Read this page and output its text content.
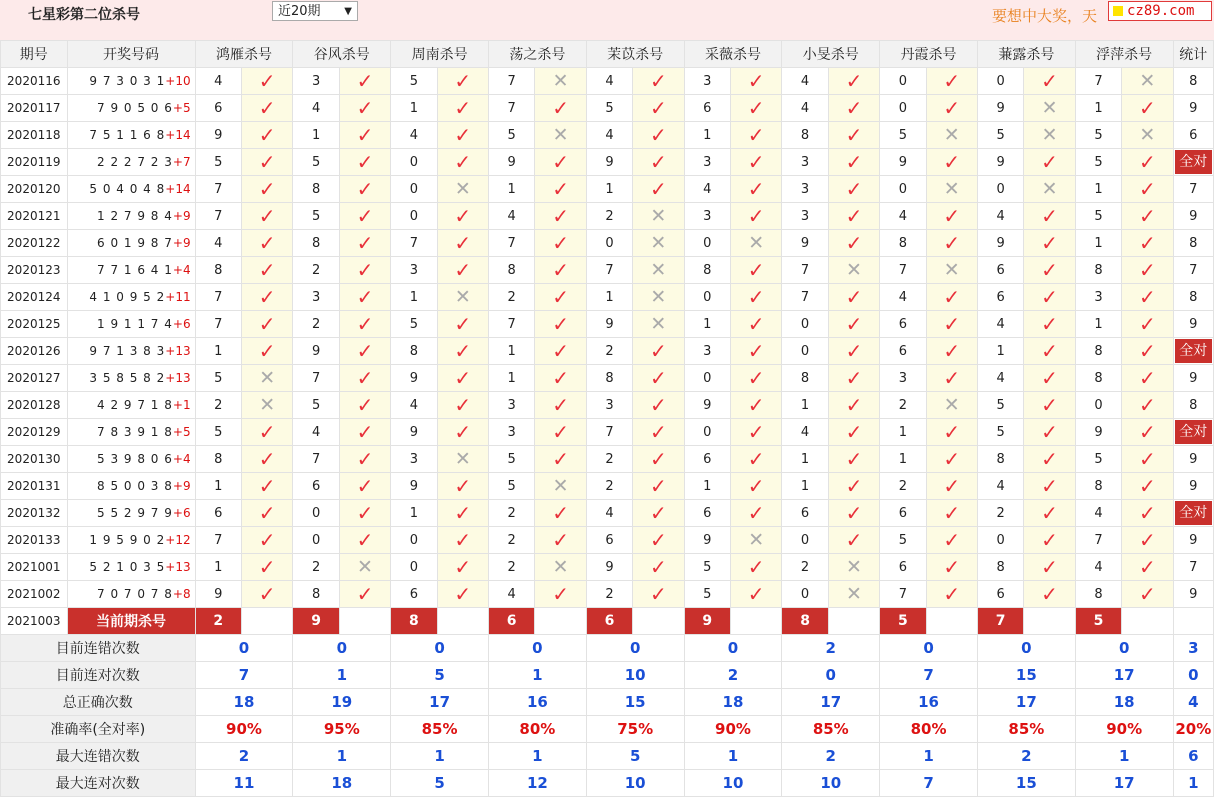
七星彩第二位杀号	近20期 ▼	要想中大奖，天	cz89.com
期号	开奖号码	鸿雁杀号		谷风杀号		周南杀号		荡之杀号		茉苡杀号		采薇杀号		小旻杀号		丹霞杀号		蒹露杀号		浮萍杀号		统计
2020116	9 7 3 0 3 1+10	4	✓	3	✓	5	✓	7	✕	4	✓	3	✓	4	✓	0	✓	0	✓	7	✕	8
2020117	7 9 0 5 0 6+5	6	✓	4	✓	1	✓	7	✓	5	✓	6	✓	4	✓	0	✓	9	✕	1	✓	9
2020118	7 5 1 1 6 8+14	9	✓	1	✓	4	✓	5	✕	4	✓	1	✓	8	✓	5	✕	5	✕	5	✕	6
2020119	2 2 2 7 2 3+7	5	✓	5	✓	0	✓	9	✓	9	✓	3	✓	3	✓	9	✓	9	✓	5	✓	全对
2020120	5 0 4 0 4 8+14	7	✓	8	✓	0	✕	1	✓	1	✓	4	✓	3	✓	0	✕	0	✕	1	✓	7
2020121	1 2 7 9 8 4+9	7	✓	5	✓	0	✓	4	✓	2	✕	3	✓	3	✓	4	✓	4	✓	5	✓	9
2020122	6 0 1 9 8 7+9	4	✓	8	✓	7	✓	7	✓	0	✕	0	✕	9	✓	8	✓	9	✓	1	✓	8
2020123	7 7 1 6 4 1+4	8	✓	2	✓	3	✓	8	✓	7	✕	8	✓	7	✕	7	✕	6	✓	8	✓	7
2020124	4 1 0 9 5 2+11	7	✓	3	✓	1	✕	2	✓	1	✕	0	✓	7	✓	4	✓	6	✓	3	✓	8
2020125	1 9 1 1 7 4+6	7	✓	2	✓	5	✓	7	✓	9	✕	1	✓	0	✓	6	✓	4	✓	1	✓	9
2020126	9 7 1 3 8 3+13	1	✓	9	✓	8	✓	1	✓	2	✓	3	✓	0	✓	6	✓	1	✓	8	✓	全对
2020127	3 5 8 5 8 2+13	5	✕	7	✓	9	✓	1	✓	8	✓	0	✓	8	✓	3	✓	4	✓	8	✓	9
2020128	4 2 9 7 1 8+1	2	✕	5	✓	4	✓	3	✓	3	✓	9	✓	1	✓	2	✕	5	✓	0	✓	8
2020129	7 8 3 9 1 8+5	5	✓	4	✓	9	✓	3	✓	7	✓	0	✓	4	✓	1	✓	5	✓	9	✓	全对
2020130	5 3 9 8 0 6+4	8	✓	7	✓	3	✕	5	✓	2	✓	6	✓	1	✓	1	✓	8	✓	5	✓	9
2020131	8 5 0 0 3 8+9	1	✓	6	✓	9	✓	5	✕	2	✓	1	✓	1	✓	2	✓	4	✓	8	✓	9
2020132	5 5 2 9 7 9+6	6	✓	0	✓	1	✓	2	✓	4	✓	6	✓	6	✓	6	✓	2	✓	4	✓	全对
2020133	1 9 5 9 0 2+12	7	✓	0	✓	0	✓	2	✓	6	✓	9	✕	0	✓	5	✓	0	✓	7	✓	9
2021001	5 2 1 0 3 5+13	1	✓	2	✕	0	✓	2	✕	9	✓	5	✓	2	✕	6	✓	8	✓	4	✓	7
2021002	7 0 7 0 7 8+8	9	✓	8	✓	6	✓	4	✓	2	✓	5	✓	0	✕	7	✓	6	✓	8	✓	9
2021003	当前期杀号	2		9		8		6		6		9		8		5		7		5		
目前连错次数		0		0		0		0		0		0		2		0		0		0		3
目前连对次数		7		1		5		1		10		2		0		7		15		17		0
总正确次数		18		19		17		16		15		18		17		16		17		18		4
准确率(全对率)		90%		95%		85%		80%		75%		90%		85%		80%		85%		90%		20%
最大连错次数		2		1		1		1		5		1		2		1		2		1		6
最大连对次数		11		18		5		12		10		10		10		7		15		17		1
